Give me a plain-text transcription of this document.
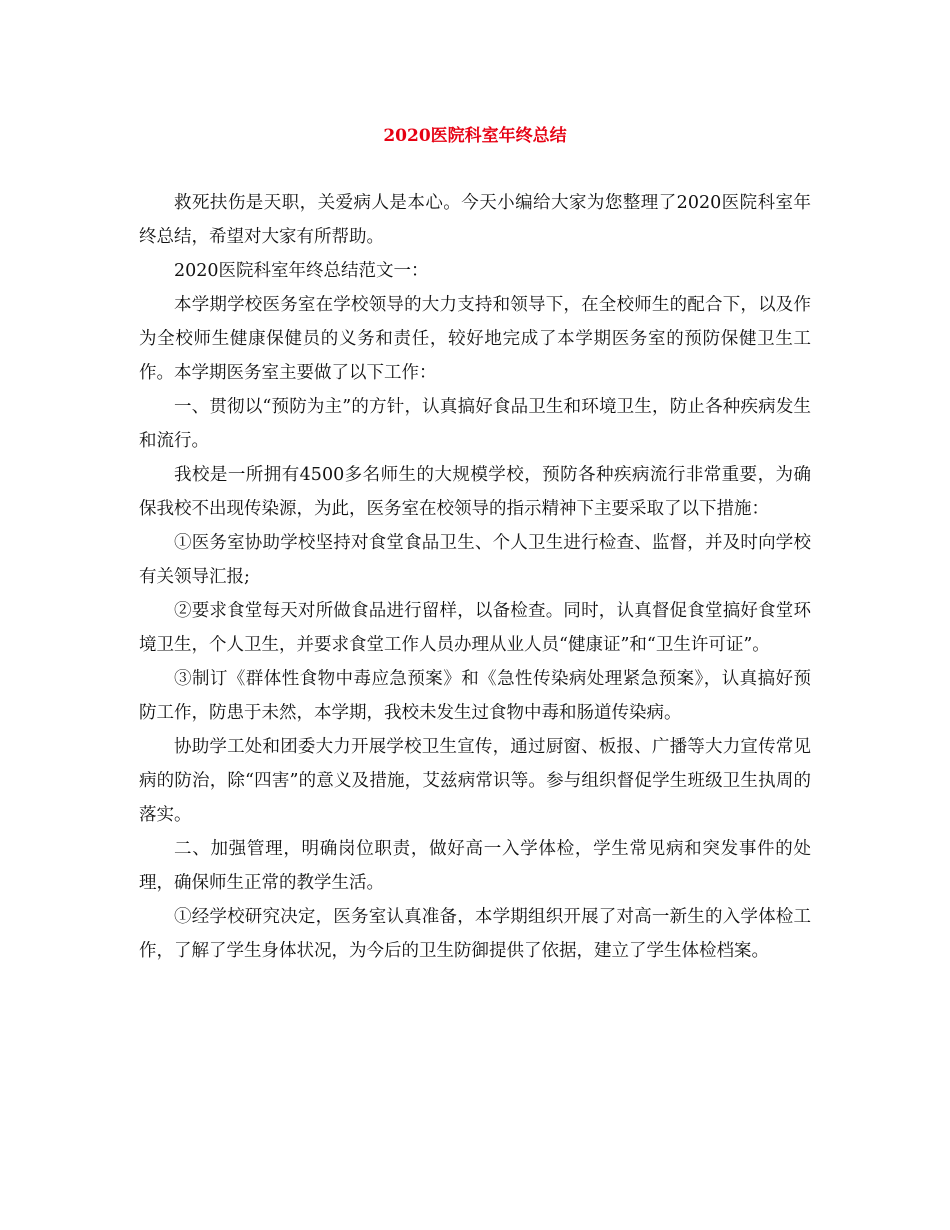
2020医院科室年终总结

救死扶伤是天职，关爱病人是本心。今天小编给大家为您整理了2020医院科室年终总结，希望对大家有所帮助。

2020医院科室年终总结范文一：

本学期学校医务室在学校领导的大力支持和领导下，在全校师生的配合下，以及作为全校师生健康保健员的义务和责任，较好地完成了本学期医务室的预防保健卫生工作。本学期医务室主要做了以下工作：

一、贯彻以“预防为主”的方针，认真搞好食品卫生和环境卫生，防止各种疾病发生和流行。

我校是一所拥有4500多名师生的大规模学校，预防各种疾病流行非常重要，为确保我校不出现传染源，为此，医务室在校领导的指示精神下主要采取了以下措施：

①医务室协助学校坚持对食堂食品卫生、个人卫生进行检查、监督，并及时向学校有关领导汇报;

②要求食堂每天对所做食品进行留样，以备检查。同时，认真督促食堂搞好食堂环境卫生，个人卫生，并要求食堂工作人员办理从业人员“健康证”和“卫生许可证”。

③制订《群体性食物中毒应急预案》和《急性传染病处理紧急预案》，认真搞好预防工作，防患于未然，本学期，我校未发生过食物中毒和肠道传染病。

协助学工处和团委大力开展学校卫生宣传，通过厨窗、板报、广播等大力宣传常见病的防治，除“四害”的意义及措施，艾兹病常识等。参与组织督促学生班级卫生执周的落实。

二、加强管理，明确岗位职责，做好高一入学体检，学生常见病和突发事件的处理，确保师生正常的教学生活。

①经学校研究决定，医务室认真准备，本学期组织开展了对高一新生的入学体检工作，了解了学生身体状况，为今后的卫生防御提供了依据，建立了学生体检档案。
